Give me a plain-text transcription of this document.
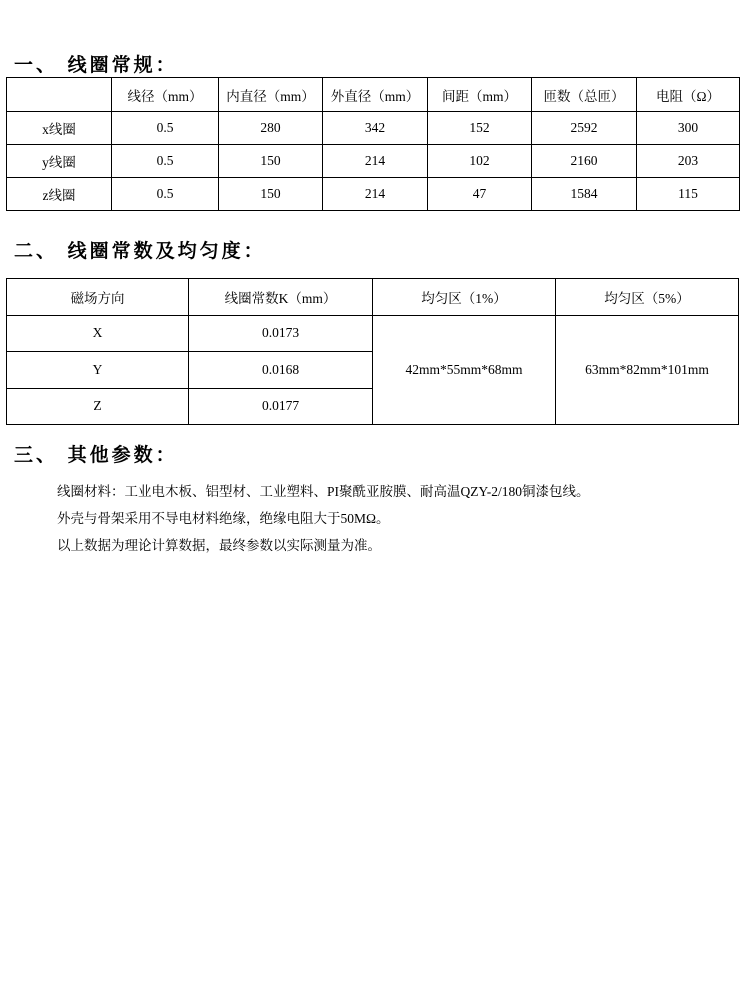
一、 线圈常规：
	线径（mm）	内直径（mm）	外直径（mm）	间距（mm）	匝数（总匝）	电阻（Ω）
x线圈	0.5	280	342	152	2592	300
y线圈	0.5	150	214	102	2160	203
z线圈	0.5	150	214	47	1584	115
二、 线圈常数及均匀度：
磁场方向	线圈常数K（mm）	均匀区（1%）	均匀区（5%）
X	0.0173	42mm*55mm*68mm	63mm*82mm*101mm
Y	0.0168		
Z	0.0177		
三、 其他参数：

线圈材料：工业电木板、铝型材、工业塑料、PI聚酰亚胺膜、耐高温QZY-2/180铜漆包线。

外壳与骨架采用不导电材料绝缘，绝缘电阻大于50MΩ。

以上数据为理论计算数据，最终参数以实际测量为准。
